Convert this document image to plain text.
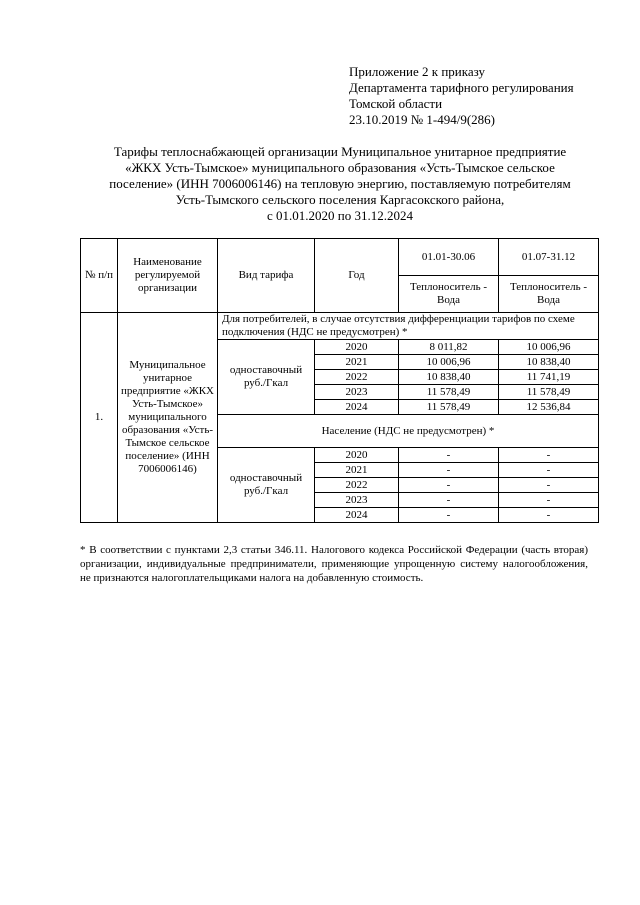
Приложение 2 к приказу
Департамента тарифного регулирования
Томской области
23.10.2019 № 1-494/9(286)
Тарифы теплоснабжающей организации Муниципальное унитарное предприятие
«ЖКХ Усть-Тымское» муниципального образования «Усть-Тымское сельское
поселение» (ИНН 7006006146) на тепловую энергию, поставляемую потребителям
Усть-Тымского сельского поселения Каргасокского района,
с 01.01.2020 по 31.12.2024
№ п/п	Наименование регулируемой организации	Вид тарифа	Год	01.01-30.06	01.07-31.12
				Теплоноситель - Вода	Теплоноситель - Вода
1.	Муниципальное унитарное предприятие «ЖКХ Усть-Тымское» муниципального образования «Усть-Тымское сельское поселение» (ИНН 7006006146)	Для потребителей, в случае отсутствия дифференциации тарифов по схеме подключения (НДС не предусмотрен) *			
		одноставочный руб./Гкал	2020	8 011,82	10 006,96
			2021	10 006,96	10 838,40
			2022	10 838,40	11 741,19
			2023	11 578,49	11 578,49
			2024	11 578,49	12 536,84
		Население (НДС не предусмотрен) *			
		одноставочный руб./Гкал	2020	-	-
			2021	-	-
			2022	-	-
			2023	-	-
			2024	-	-
* В соответствии с пунктами 2,3 статьи 346.11. Налогового кодекса Российской Федерации (часть вторая) организации, индивидуальные предприниматели, применяющие упрощенную систему налогообложения, не признаются налогоплательщиками налога на добавленную стоимость.
